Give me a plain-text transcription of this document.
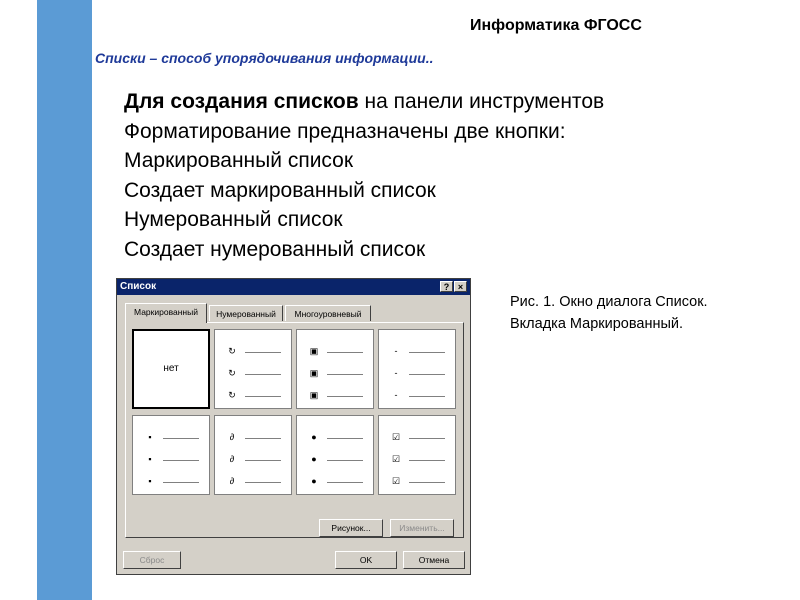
Информатика ФГОСС
Списки – способ упорядочивания информации..
Для создания списков на панели инструментов
Форматирование предназначены две кнопки:
Маркированный список
Создает маркированный список
Нумерованный список
Создает нумерованный список
Рис. 1. Окно диалога Список. Вкладка Маркированный.
Список	? ×
Маркированный	Нумерованный	Многоуровневый
нет
↻
↻
↻
▣
▣
▣
-
-
-
▪
▪
▪
∂
∂
∂
●
●
●
☑
☑
☑
Рисунок...	Изменить...
Сброс	OK	Отмена
